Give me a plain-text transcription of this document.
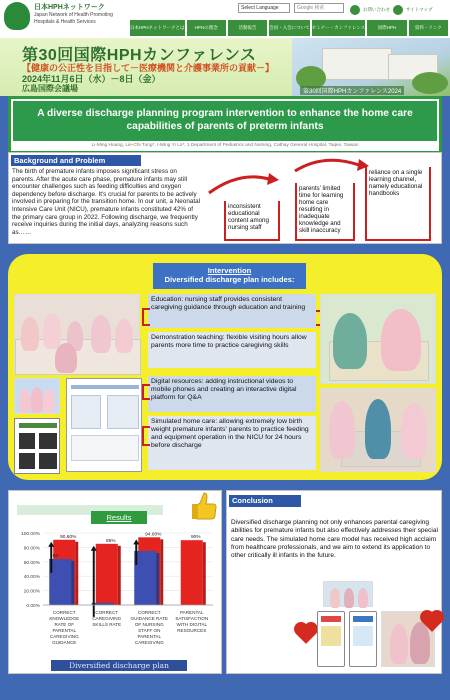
日本HPHネットワーク
Japan Network of Health Promoting
Hospitals & Health Services
Select Language	Google 検索	お問い合わせ	サイトマップ
日本HPHネットワークとは	HPHの理念	活動報告	会員・入会について セミナー・カンファレンス	国際HPH	資料・リンク
第30回国際HPHカンファレンス
【健康の公正性を目指して－医療機関と介護事業所の貢献－】
2024年11月6日（水）－8日（金）
広島国際会議場	第30回国際HPHカンファレンス2024
A diverse discharge planning program intervention to enhance the home care capabilities of parents of preterm infants
Li-Ming Huang, Lie-Chi Tung*, I-Ming Yi Lo*, 1 Department of Pediatrics and Nursing, Cathay General Hospital, Taipei, Taiwan
Background and Problem
The birth of premature infants imposes significant stress on parents. After the acute care phase, premature infants may still encounter challenges such as feeding difficulties and oxygen dependency before discharge. It's crucial for parents to be actively involved in preparing for the transition home. In our unit, a Neonatal Intensive Care Unit (NICU), premature infants constituted 42% of the primary care group in 2022. Following discharge, we frequently receive inquiries during the initial days, analyzing reasons such as……
inconsistent educational content among nursing staff
parents' limited time for learning home care resulting in inadequate knowledge and skill inaccuracy
reliance on a single learning channel, namely educational handbooks
Intervention
Diversified discharge plan includes:
Education: nursing staff provides consistent caregiving guidance through education and training
Demonstration teaching: flexible visiting hours allow parents more time to practice caregiving skills
Digital resources: adding instructional videos to mobile phones and creating an interactive digital platform for Q&A
Simulated home care: allowing extremely low birth weight premature infants' parents to practice feeding and equipment operation in the NICU for 24 hours before discharge
Results
0.00%
20.00%
40.00%
60.00%
80.00%
100.00%
90.60%
64
CORRECT
KNOWLEDGE
RATE OF
PARENTAL
CAREGIVING
GUIDANCE
85%
CORRECT
CAREGIVING
SKILLS RATE
94.00%
CORRECT
GUIDANCE RATE
OF NURSING
STAFF ON
PARENTAL
CAREGIVING
90%
PARENTAL
SATISFACTION
WITH DIGITAL
RESOURCES
Diversified discharge plan
Conclusion
Diversified discharge planning not only enhances parental caregiving abilities for premature infants but also effectively addresses their special care needs. The simulated home care model has received high acclaim from healthcare professionals, and we aim to extend its application to other critically ill infants in the future.
